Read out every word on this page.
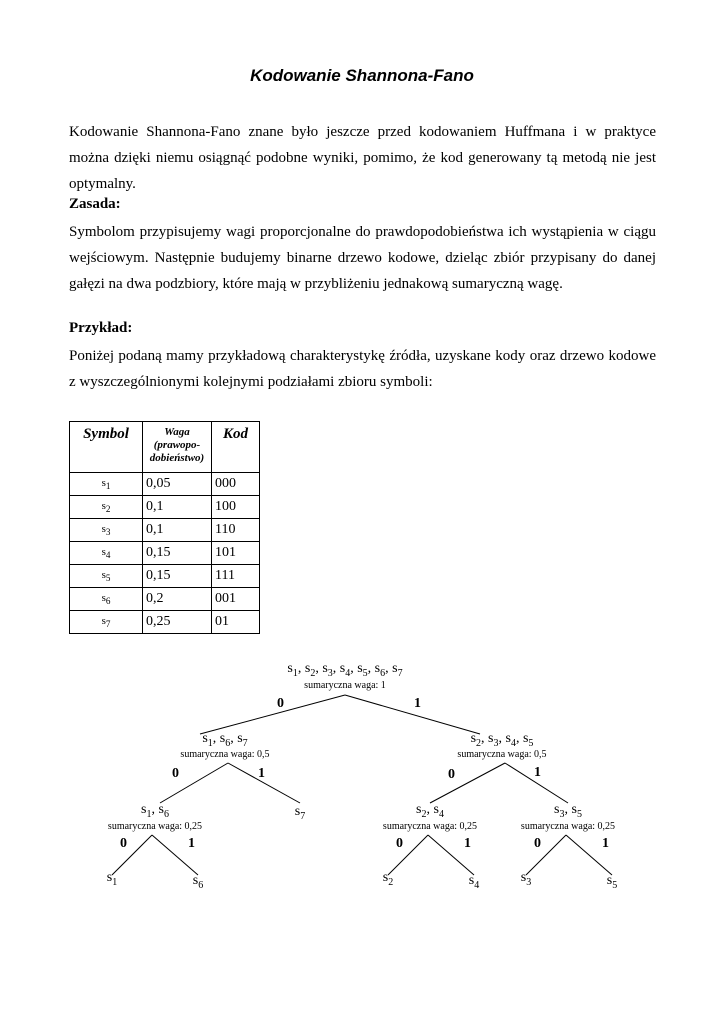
Kodowanie Shannona-Fano

Kodowanie Shannona-Fano znane było jeszcze przed kodowaniem Huffmana i w praktyce można dzięki niemu osiągnąć podobne wyniki, pomimo, że kod generowany tą metodą nie jest optymalny.

Zasada:

Symbolom przypisujemy wagi proporcjonalne do prawdopodobieństwa ich wystąpienia w ciągu wejściowym. Następnie budujemy binarne drzewo kodowe, dzieląc zbiór przypisany do danej gałęzi na dwa podzbiory, które mają w przybliżeniu jednakową sumaryczną wagę.

Przykład:

Poniżej podaną mamy przykładową charakterystykę źródła, uzyskane kody oraz drzewo kodowe z wyszczególnionymi kolejnymi podziałami zbioru symboli:

Symbol	Waga
(prawopo-
dobieństwo)	Kod
$s_1$	0,05	000
$s_2$	0,1	100
$s_3$	0,1	110
$s_4$	0,15	101
$s_5$	0,15	111
$s_6$	0,2	001
$s_7$	0,25	01
$s_1$, $s_2$, $s_3$, $s_4$, $s_5$, $s_6$, $s_7$
sumaryczna waga: 1
0	1
$s_1$, $s_6$, $s_7$
sumaryczna waga: 0,5
0	1
$s_2$, $s_3$, $s_4$, $s_5$
sumaryczna waga: 0,5
0	1
$s_7$
$s_1$, $s_6$
sumaryczna waga: 0,25
0	1
$s_2$, $s_4$
sumaryczna waga: 0,25
0	1
$s_3$, $s_5$
sumaryczna waga: 0,25
0	1
$s_1$	$s_6$
$s_2$	$s_4$
$s_3$	$s_5$
